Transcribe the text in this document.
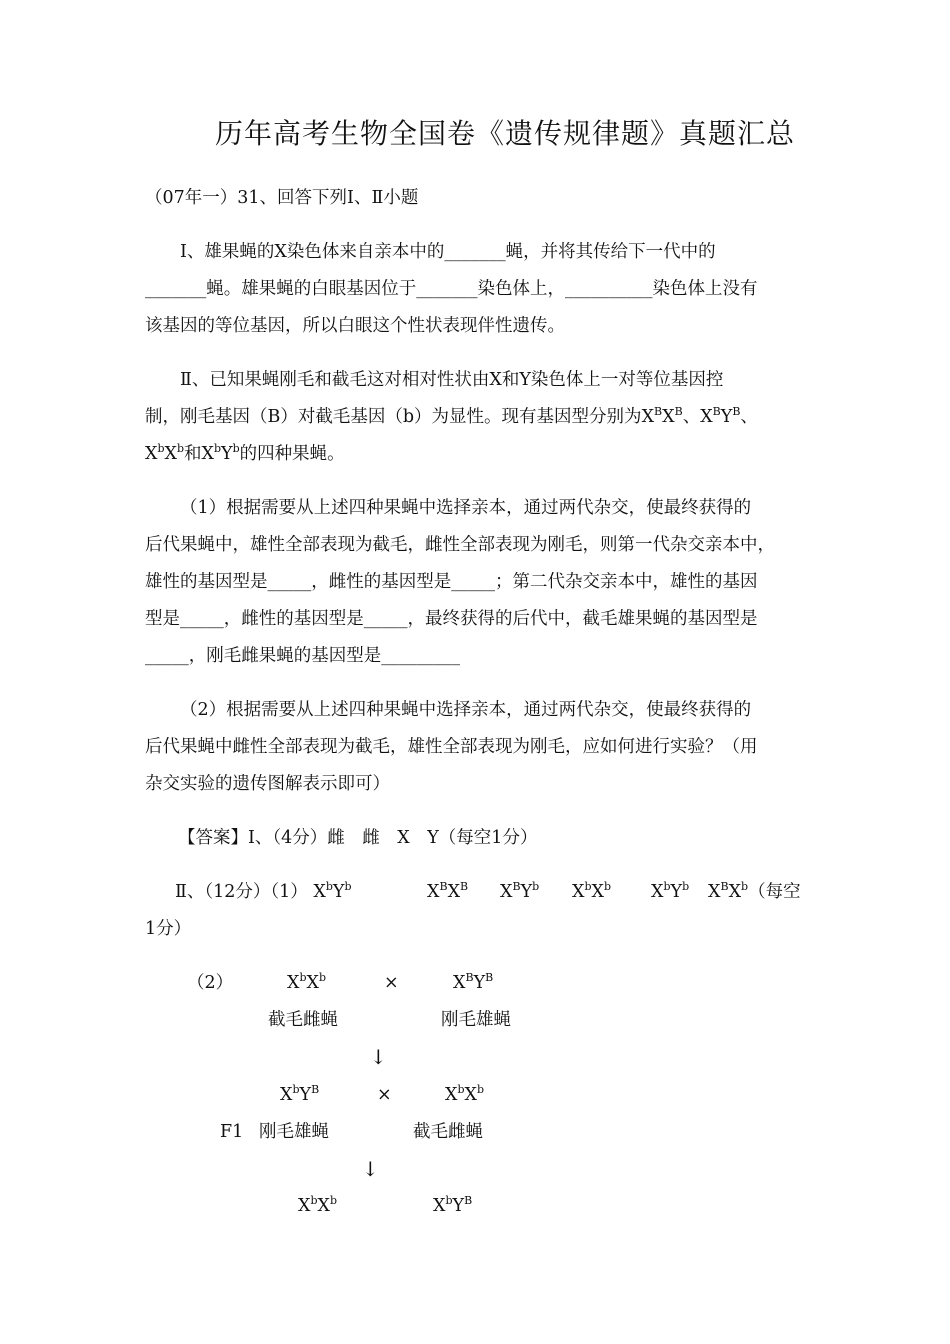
历年高考生物全国卷《遗传规律题》真题汇总
（07年一）31、回答下列Ⅰ、Ⅱ小题
Ⅰ、雄果蝇的X染色体来自亲本中的_______蝇，并将其传给下一代中的
_______蝇。雄果蝇的白眼基因位于_______染色体上，__________染色体上没有
该基因的等位基因，所以白眼这个性状表现伴性遗传。
Ⅱ、已知果蝇刚毛和截毛这对相对性状由X和Y染色体上一对等位基因控
制，刚毛基因（B）对截毛基因（b）为显性。现有基因型分别为$X^BX^B$、$X^BY^B$、
$X^bX^b$和$X^bY^b$的四种果蝇。
（1）根据需要从上述四种果蝇中选择亲本，通过两代杂交，使最终获得的
后代果蝇中，雄性全部表现为截毛，雌性全部表现为刚毛，则第一代杂交亲本中，
雄性的基因型是_____，雌性的基因型是_____；第二代杂交亲本中，雄性的基因
型是_____，雌性的基因型是_____，最终获得的后代中，截毛雄果蝇的基因型是
_____，刚毛雌果蝇的基因型是_________
（2）根据需要从上述四种果蝇中选择亲本，通过两代杂交，使最终获得的
后代果蝇中雌性全部表现为截毛，雄性全部表现为刚毛，应如何进行实验？（用
杂交实验的遗传图解表示即可）
【答案】Ⅰ、（4分）雌　雌　X　Y（每空1分）
Ⅱ、（12分）（1） $X^bY^b$	$X^BX^B$ $X^BY^b$ $X^bX^b$ $X^bY^b$ $X^BX^b$（每空
1分）
（2）	$X^bX^b$	×	$X^BY^B$
截毛雌蝇	刚毛雄蝇
↓
$X^bY^B$	×	$X^bX^b$
F1 刚毛雄蝇	截毛雌蝇
↓
$X^bX^b$	$X^bY^B$
